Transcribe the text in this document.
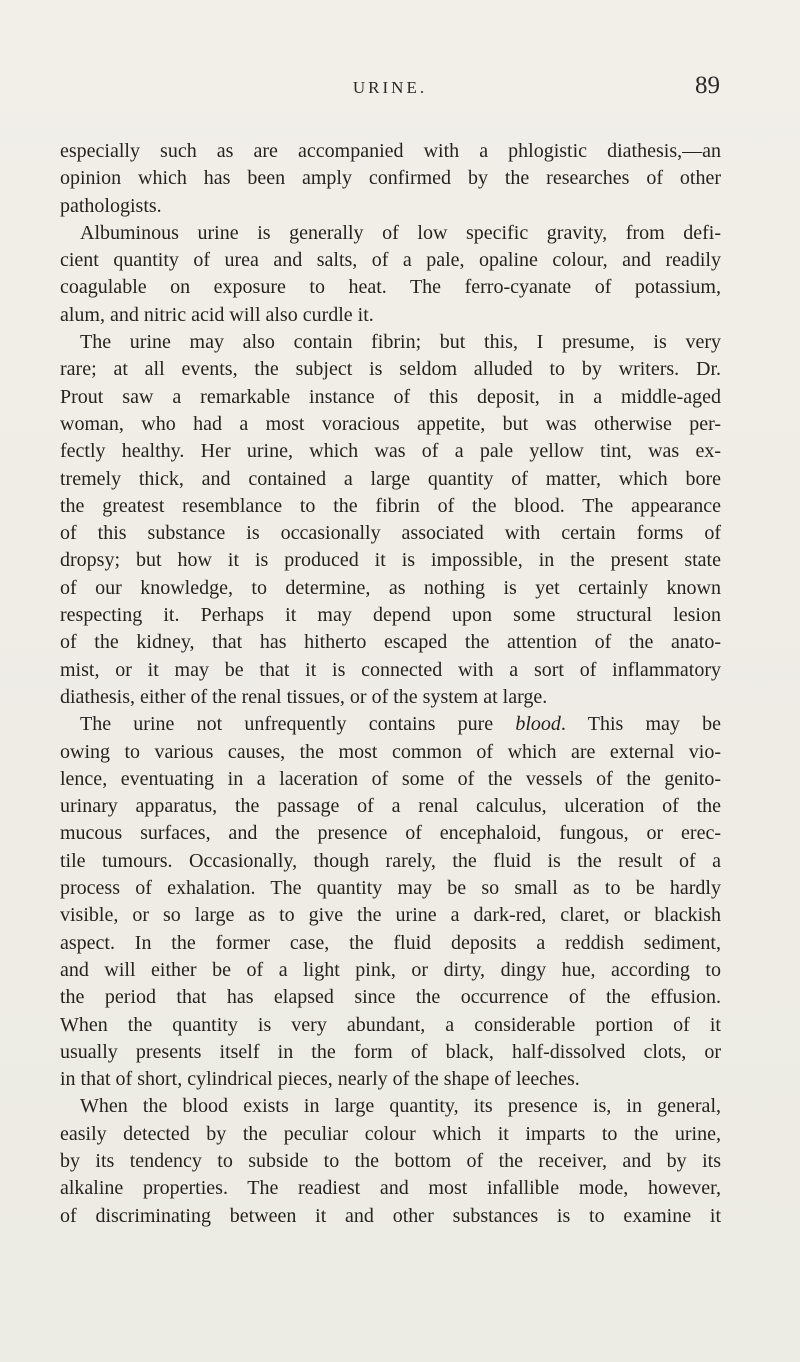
URINE.	89
especially such as are accompanied with a phlogistic diathesis,—an
opinion which has been amply confirmed by the researches of other
pathologists.
Albuminous urine is generally of low specific gravity, from defi-
cient quantity of urea and salts, of a pale, opaline colour, and readily
coagulable on exposure to heat. The ferro-cyanate of potassium,
alum, and nitric acid will also curdle it.
The urine may also contain fibrin; but this, I presume, is very
rare; at all events, the subject is seldom alluded to by writers. Dr.
Prout saw a remarkable instance of this deposit, in a middle-aged
woman, who had a most voracious appetite, but was otherwise per-
fectly healthy. Her urine, which was of a pale yellow tint, was ex-
tremely thick, and contained a large quantity of matter, which bore
the greatest resemblance to the fibrin of the blood. The appearance
of this substance is occasionally associated with certain forms of
dropsy; but how it is produced it is impossible, in the present state
of our knowledge, to determine, as nothing is yet certainly known
respecting it. Perhaps it may depend upon some structural lesion
of the kidney, that has hitherto escaped the attention of the anato-
mist, or it may be that it is connected with a sort of inflammatory
diathesis, either of the renal tissues, or of the system at large.
The urine not unfrequently contains pure blood. This may be
owing to various causes, the most common of which are external vio-
lence, eventuating in a laceration of some of the vessels of the genito-
urinary apparatus, the passage of a renal calculus, ulceration of the
mucous surfaces, and the presence of encephaloid, fungous, or erec-
tile tumours. Occasionally, though rarely, the fluid is the result of a
process of exhalation. The quantity may be so small as to be hardly
visible, or so large as to give the urine a dark-red, claret, or blackish
aspect. In the former case, the fluid deposits a reddish sediment,
and will either be of a light pink, or dirty, dingy hue, according to
the period that has elapsed since the occurrence of the effusion.
When the quantity is very abundant, a considerable portion of it
usually presents itself in the form of black, half-dissolved clots, or
in that of short, cylindrical pieces, nearly of the shape of leeches.
When the blood exists in large quantity, its presence is, in general,
easily detected by the peculiar colour which it imparts to the urine,
by its tendency to subside to the bottom of the receiver, and by its
alkaline properties. The readiest and most infallible mode, however,
of discriminating between it and other substances is to examine it
